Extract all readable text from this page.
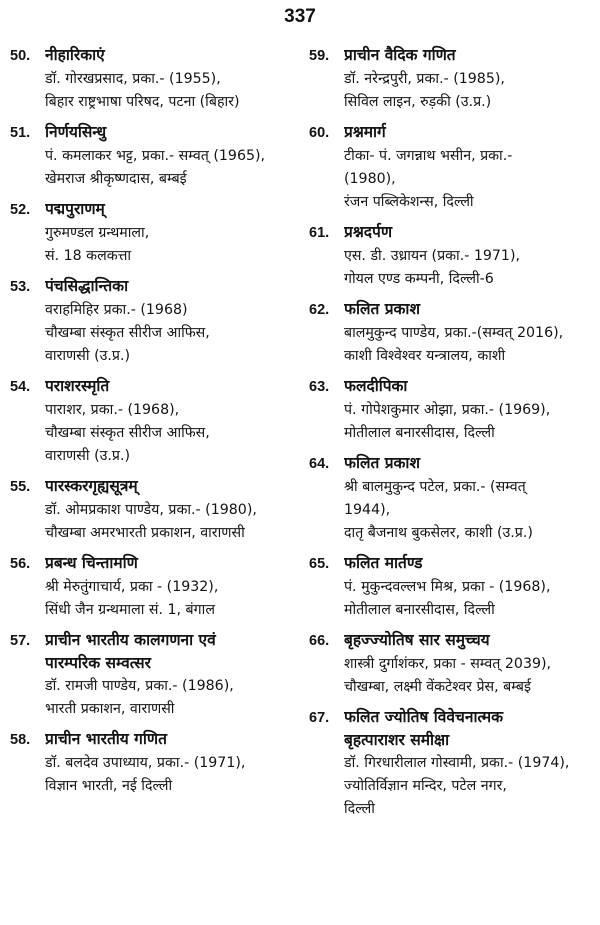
337
50. नीहारिकाएं
डॉ. गोरखप्रसाद, प्रका.- (1955),
बिहार राष्ट्रभाषा परिषद, पटना (बिहार)
51. निर्णयसिन्धु
पं. कमलाकर भट्ट, प्रका.- सम्वत् (1965),
खेमराज श्रीकृष्णदास, बम्बई
52. पद्मपुराणम्
गुरुमण्डल ग्रन्थमाला,
सं. 18 कलकत्ता
53. पंचसिद्धान्तिका
वराहमिहिर प्रका.- (1968)
चौखम्बा संस्कृत सीरीज आफिस,
वाराणसी (उ.प्र.)
54. पराशरस्मृति
पाराशर, प्रका.- (1968),
चौखम्बा संस्कृत सीरीज आफिस,
वाराणसी (उ.प्र.)
55. पारस्करगृह्यसूत्रम्
डॉ. ओमप्रकाश पाण्डेय, प्रका.- (1980),
चौखम्बा अमरभारती प्रकाशन, वाराणसी
56. प्रबन्ध चिन्तामणि
श्री मेरुतुंगाचार्य, प्रका - (1932),
सिंधी जैन ग्रन्थमाला सं. 1, बंगाल
57. प्राचीन भारतीय कालगणना एवं
पारम्परिक सम्वत्सर
डॉ. रामजी पाण्डेय, प्रका.- (1986),
भारती प्रकाशन, वाराणसी
58. प्राचीन भारतीय गणित
डॉ. बलदेव उपाध्याय, प्रका.- (1971),
विज्ञान भारती, नई दिल्ली
59. प्राचीन वैदिक गणित
डॉ. नरेन्द्रपुरी, प्रका.- (1985),
सिविल लाइन, रुड़की (उ.प्र.)
60. प्रश्नमार्ग
टीका- पं. जगन्नाथ भसीन, प्रका.-
(1980),
रंजन पब्लिकेशन्स, दिल्ली
61. प्रश्नदर्पण
एस. डी. उध्रायन (प्रका.- 1971),
गोयल एण्ड कम्पनी, दिल्ली-6
62. फलित प्रकाश
बालमुकुन्द पाण्डेय, प्रका.-(सम्वत् 2016),
काशी विश्वेश्वर यन्त्रालय, काशी
63. फलदीपिका
पं. गोपेशकुमार ओझा, प्रका.- (1969),
मोतीलाल बनारसीदास, दिल्ली
64. फलित प्रकाश
श्री बालमुकुन्द पटेल, प्रका.- (सम्वत्
1944),
दातृ बैजनाथ बुकसेलर, काशी (उ.प्र.)
65. फलित मार्तण्ड
पं. मुकुन्दवल्लभ मिश्र, प्रका - (1968),
मोतीलाल बनारसीदास, दिल्ली
66. बृहज्ज्योतिष सार समुच्चय
शास्त्री दुर्गाशंकर, प्रका - सम्वत् 2039),
चौखम्बा, लक्ष्मी वेंकटेश्वर प्रेस, बम्बई
67. फलित ज्योतिष विवेचनात्मक
बृहत्पाराशर समीक्षा
डॉ. गिरधारीलाल गोस्वामी, प्रका.- (1974),
ज्योतिर्विज्ञान मन्दिर, पटेल नगर,
दिल्ली
